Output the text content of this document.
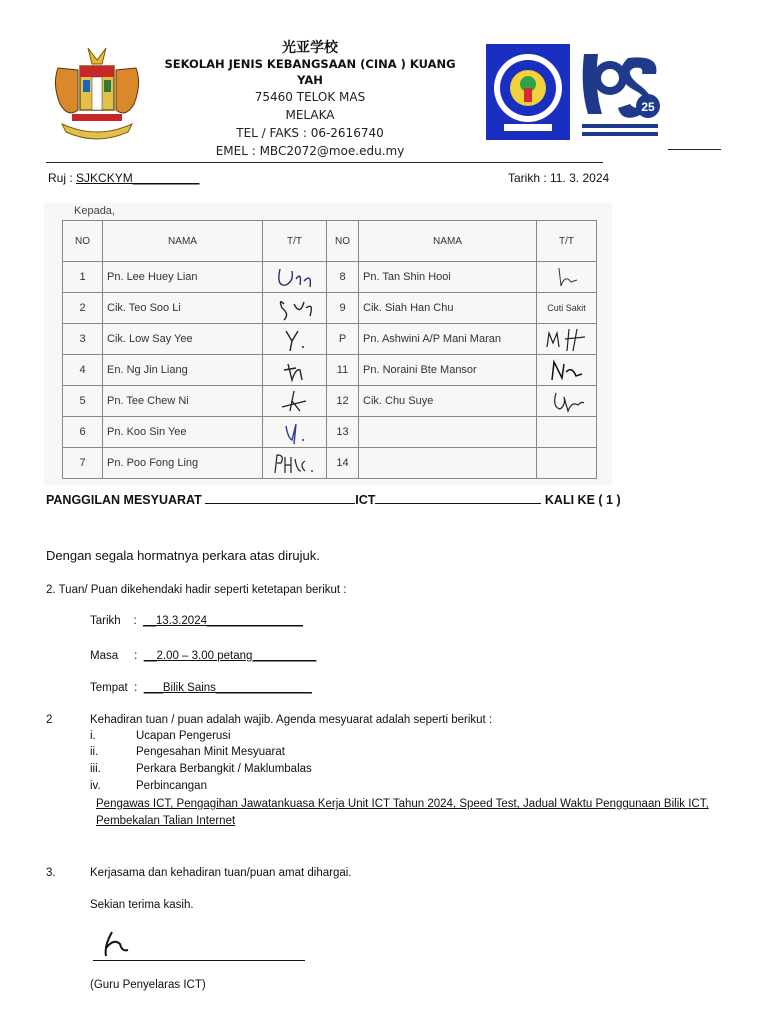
光亚学校
SEKOLAH JENIS KEBANGSAAN (CINA ) KUANG YAH
75460 TELOK MAS
MELAKA
TEL / FAKS : 06-2616740
EMEL : MBC2072@moe.edu.my
25
Ruj : SJKCKYM__________	Tarikh : 11. 3. 2024
Kepada,
NO	NAMA	T/T	NO	NAMA	T/T
1	Pn. Lee Huey Lian		8	Pn. Tan Shin Hooi	

2	Cik. Teo Soo Li		9	Cik. Siah Han Chu	Cuti Sakit
3	Cik. Low Say Yee		P	Pn. Ashwini A/P Mani Maran	

4	En. Ng Jin Liang		11	Pn. Noraini Bte Mansor	

5	Pn. Tee Chew Ni		12	Cik. Chu Suye	

6	Pn. Koo Sin Yee		13		
7	Pn. Poo Fong Ling		14		
PANGGILAN MESYUARAT	ICT	KALI KE ( 1 )
Dengan segala hormatnya perkara atas dirujuk.
2. Tuan/ Puan dikehendaki hadir seperti ketetapan berikut :
Tarikh    :  __13.3.2024_______________
Masa     :  __2.00 – 3.00 petang__________
Tempat  :  ___Bilik Sains_______________
2	Kehadiran tuan / puan adalah wajib. Agenda mesyuarat adalah seperti berikut :
i.	Ucapan Pengerusi
ii.	Pengesahan Minit Mesyuarat
iii.	Perkara Berbangkit / Maklumbalas
iv.	Perbincangan
Pengawas ICT, Pengagihan Jawatankuasa Kerja Unit ICT Tahun 2024, Speed Test, Jadual Waktu Penggunaan Bilik ICT,
Pembekalan Talian Internet
3.	Kerjasama dan kehadiran tuan/puan amat dihargai.
Sekian terima kasih.
(Guru Penyelaras ICT)
